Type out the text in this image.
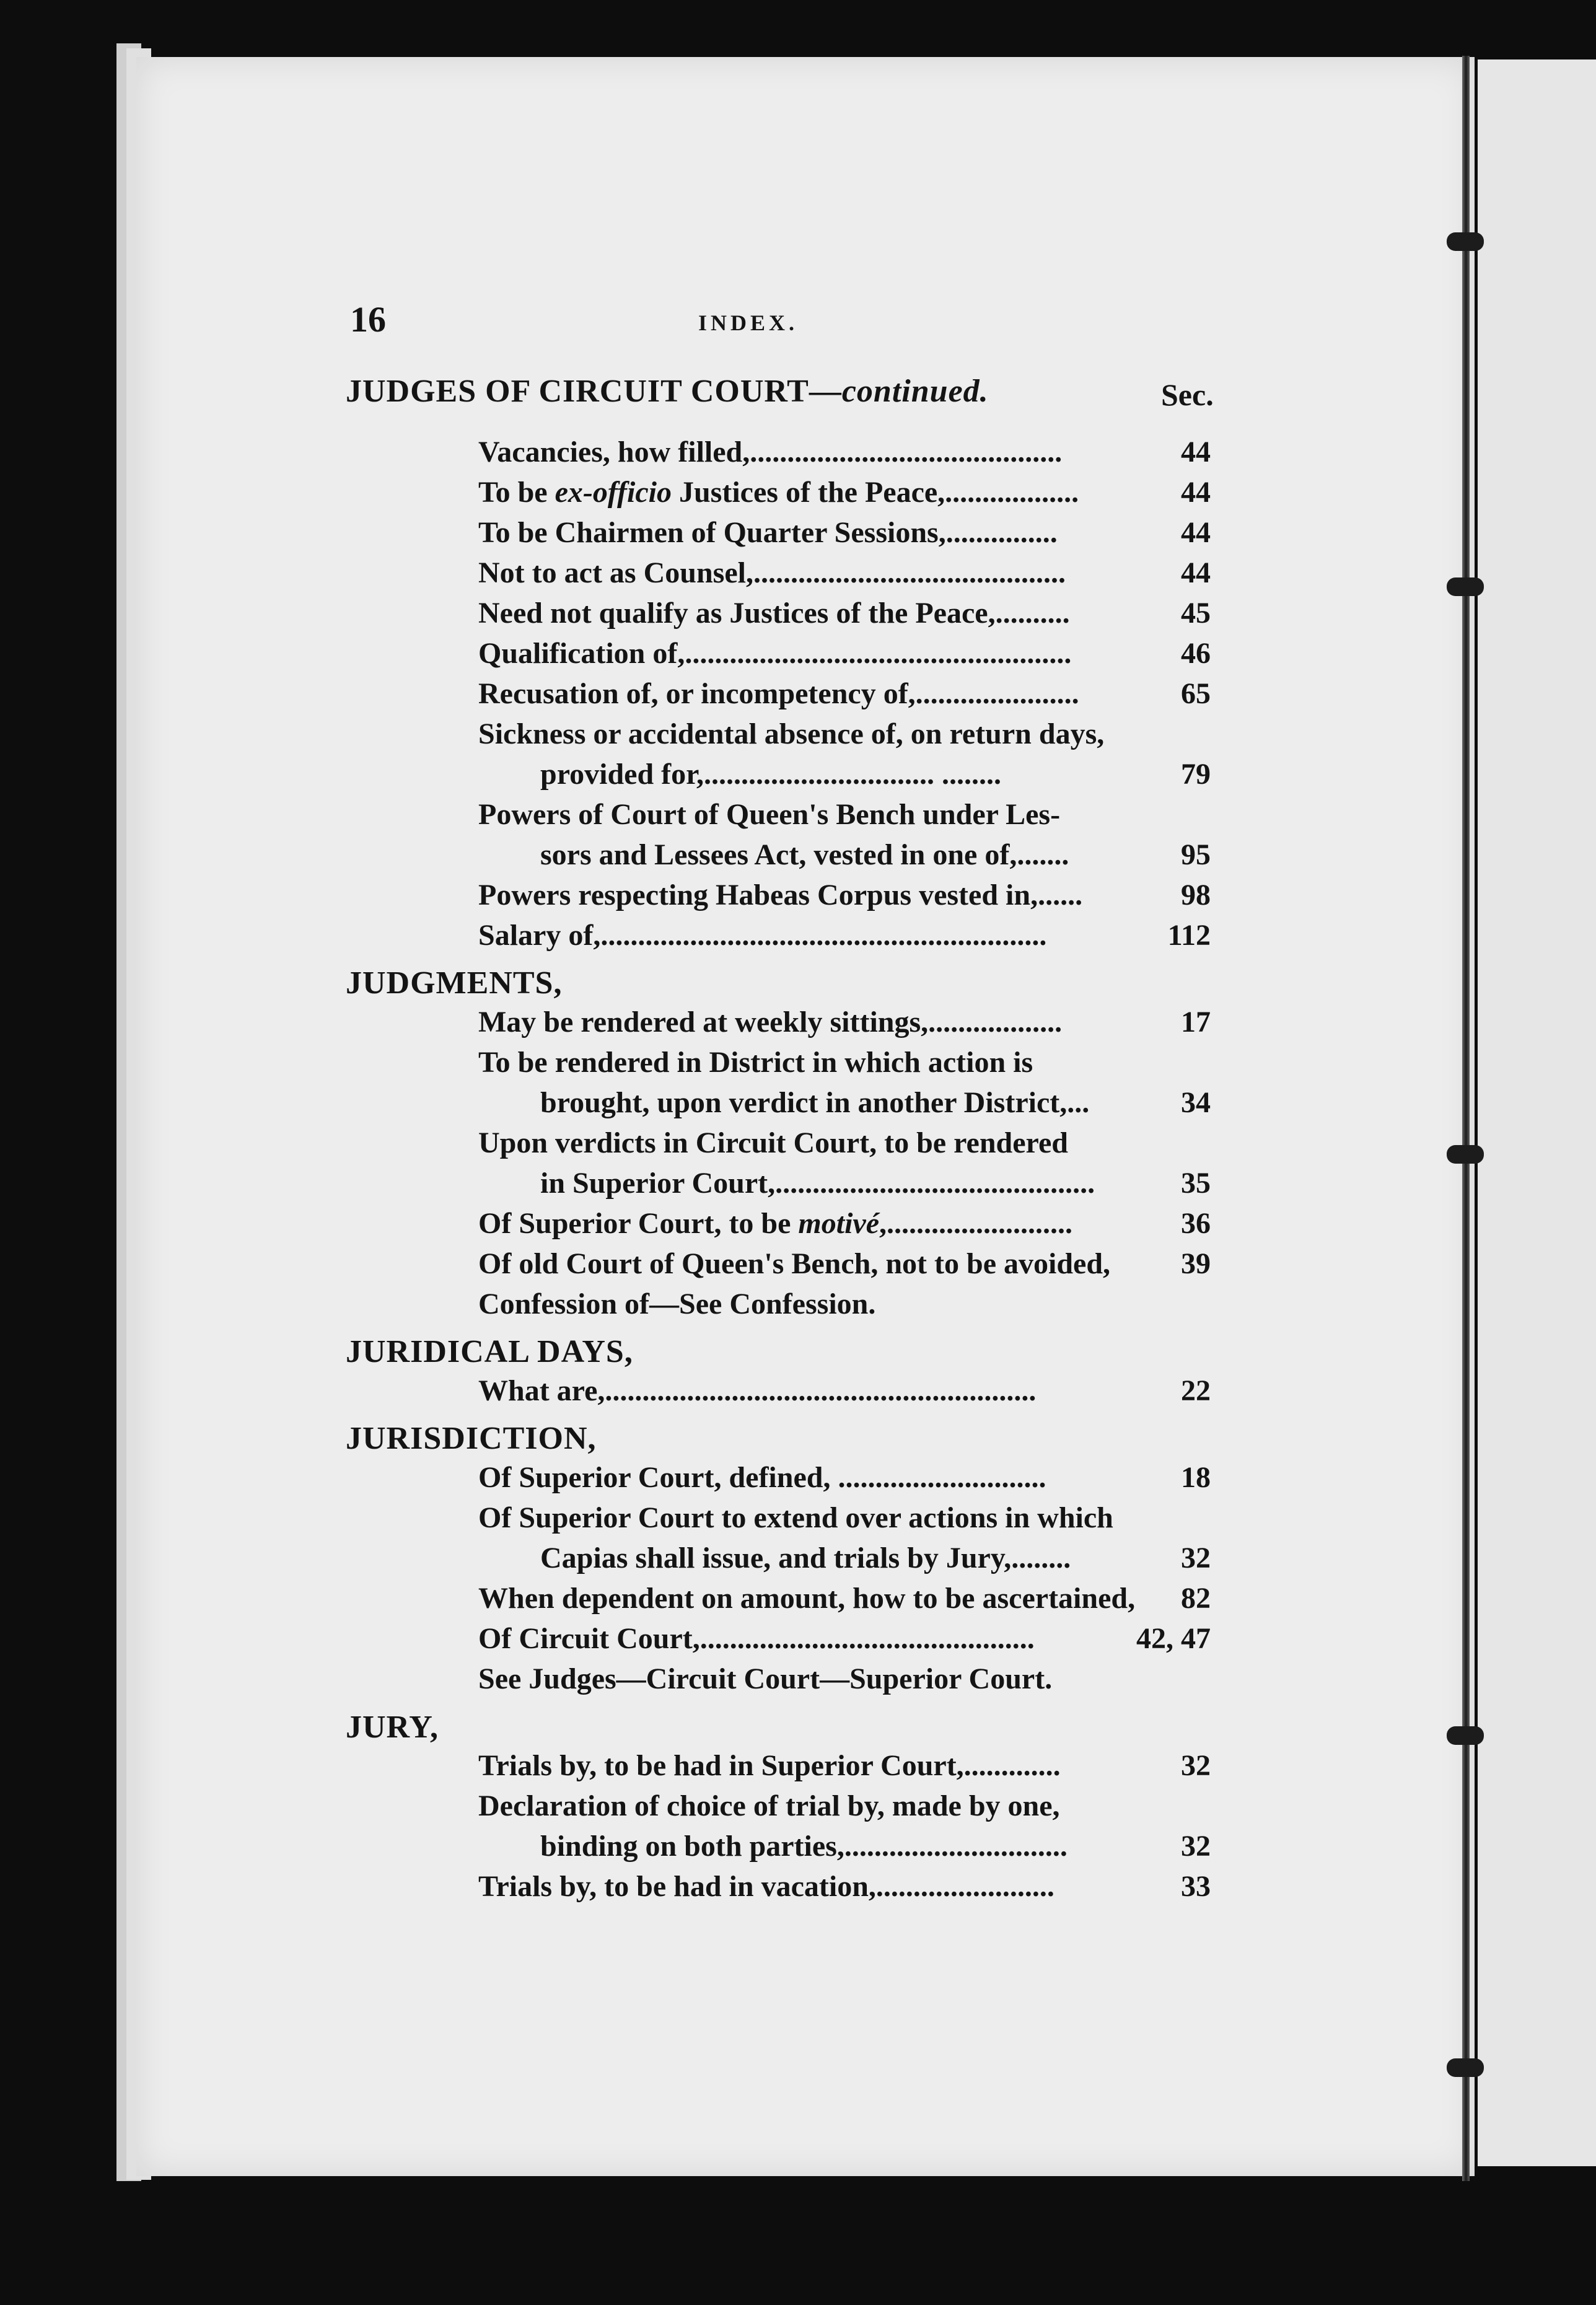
16	INDEX.
JUDGES OF CIRCUIT COURT—continued.	Sec.
Vacancies, how filled,..........................................	44
To be ex-officio Justices of the Peace,..................	44
To be Chairmen of Quarter Sessions,...............	44
Not to act as Counsel,..........................................	44
Need not qualify as Justices of the Peace,..........	45
Qualification of,....................................................	46
Recusation of, or incompetency of,......................	65
Sickness or accidental absence of, on return days,
provided for,............................... ........	79
Powers of Court of Queen's Bench under Les-
sors and Lessees Act, vested in one of,.......	95
Powers respecting Habeas Corpus vested in,......	98
Salary of,............................................................	112
JUDGMENTS,
May be rendered at weekly sittings,..................	17
To be rendered in District in which action is
brought, upon verdict in another District,...	34
Upon verdicts in Circuit Court, to be rendered
in Superior Court,...........................................	35
Of Superior Court, to be motivé,.........................	36
Of old Court of Queen's Bench, not to be avoided, 39
Confession of—See Confession.
JURIDICAL DAYS,
What are,..........................................................	22
JURISDICTION,
Of Superior Court, defined, ............................	18
Of Superior Court to extend over actions in which
Capias shall issue, and trials by Jury,........	32
When dependent on amount, how to be ascertained, 82
Of Circuit Court,.............................................	42, 47
See Judges—Circuit Court—Superior Court.
JURY,
Trials by, to be had in Superior Court,.............	32
Declaration of choice of trial by, made by one,
binding on both parties,..............................	32
Trials by, to be had in vacation,........................	33
